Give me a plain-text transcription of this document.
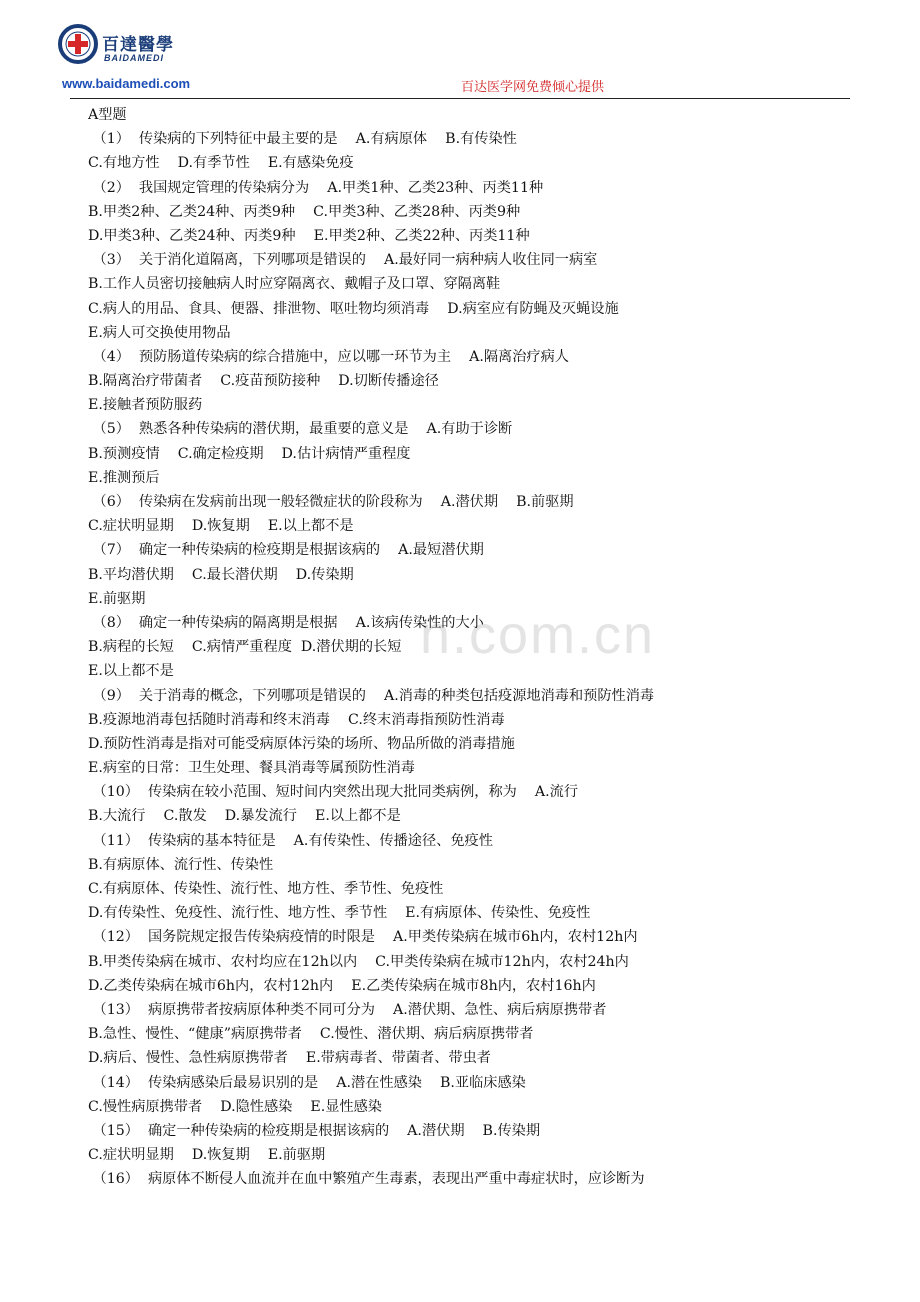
百達醫學
BAIDAMEDI
www.baidamedi.com	百达医学网免费倾心提供
n.com.cn
A型题
（1）  传染病的下列特征中最主要的是    A.有病原体    B.有传染性
C.有地方性    D.有季节性    E.有感染免疫
（2）  我国规定管理的传染病分为    A.甲类1种、乙类23种、丙类11种
B.甲类2种、乙类24种、丙类9种    C.甲类3种、乙类28种、丙类9种
D.甲类3种、乙类24种、丙类9种    E.甲类2种、乙类22种、丙类11种
（3）  关于消化道隔离，下列哪项是错误的    A.最好同一病种病人收住同一病室
B.工作人员密切接触病人时应穿隔离衣、戴帽子及口罩、穿隔离鞋
C.病人的用品、食具、便器、排泄物、呕吐物均须消毒    D.病室应有防蝇及灭蝇设施
E.病人可交换使用物品
（4）  预防肠道传染病的综合措施中，应以哪一环节为主    A.隔离治疗病人
B.隔离治疗带菌者    C.疫苗预防接种    D.切断传播途径
E.接触者预防服药
（5）  熟悉各种传染病的潜伏期，最重要的意义是    A.有助于诊断
B.预测疫情    C.确定检疫期    D.估计病情严重程度
E.推测预后
（6）  传染病在发病前出现一般轻微症状的阶段称为    A.潜伏期    B.前驱期
C.症状明显期    D.恢复期    E.以上都不是
（7）  确定一种传染病的检疫期是根据该病的    A.最短潜伏期
B.平均潜伏期    C.最长潜伏期    D.传染期
E.前驱期
（8）  确定一种传染病的隔离期是根据    A.该病传染性的大小
B.病程的长短    C.病情严重程度  D.潜伏期的长短
E.以上都不是
（9）  关于消毒的概念，下列哪项是错误的    A.消毒的种类包括疫源地消毒和预防性消毒
B.疫源地消毒包括随时消毒和终末消毒    C.终末消毒指预防性消毒
D.预防性消毒是指对可能受病原体污染的场所、物品所做的消毒措施
E.病室的日常：卫生处理、餐具消毒等属预防性消毒
（10）  传染病在较小范围、短时间内突然出现大批同类病例，称为    A.流行
B.大流行    C.散发    D.暴发流行    E.以上都不是
（11）  传染病的基本特征是    A.有传染性、传播途径、免疫性
B.有病原体、流行性、传染性
C.有病原体、传染性、流行性、地方性、季节性、免疫性
D.有传染性、免疫性、流行性、地方性、季节性    E.有病原体、传染性、免疫性
（12）  国务院规定报告传染病疫情的时限是    A.甲类传染病在城市6h内，农村12h内
B.甲类传染病在城市、农村均应在12h以内    C.甲类传染病在城市12h内，农村24h内
D.乙类传染病在城市6h内，农村12h内    E.乙类传染病在城市8h内，农村16h内
（13）  病原携带者按病原体种类不同可分为    A.潜伏期、急性、病后病原携带者
B.急性、慢性、“健康”病原携带者    C.慢性、潜伏期、病后病原携带者
D.病后、慢性、急性病原携带者    E.带病毒者、带菌者、带虫者
（14）  传染病感染后最易识别的是    A.潜在性感染    B.亚临床感染
C.慢性病原携带者    D.隐性感染    E.显性感染
（15）  确定一种传染病的检疫期是根据该病的    A.潜伏期    B.传染期
C.症状明显期    D.恢复期    E.前驱期
（16）  病原体不断侵人血流并在血中繁殖产生毒素，表现出严重中毒症状时，应诊断为
